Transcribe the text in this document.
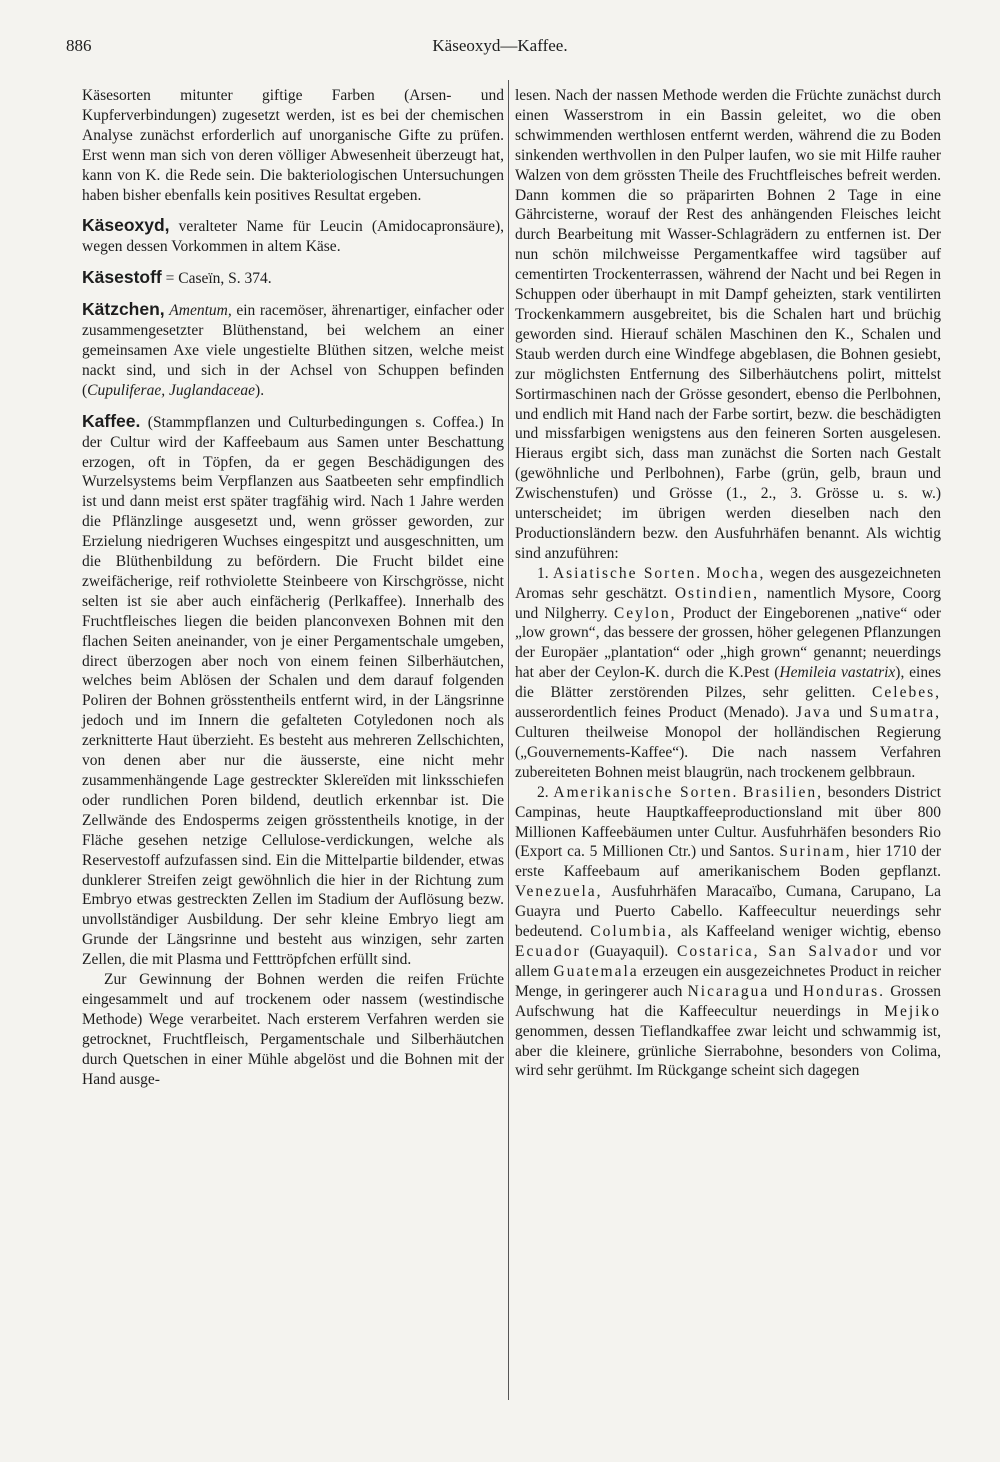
886	Käseoxyd—Kaffee.

Käsesorten mitunter giftige Farben (Arsen- und Kupferverbindungen) zugesetzt werden, ist es bei der chemischen Analyse zunächst erforderlich auf unorganische Gifte zu prüfen. Erst wenn man sich von deren völliger Abwesenheit überzeugt hat, kann von K. die Rede sein. Die bakteriologischen Untersuchungen haben bisher ebenfalls kein positives Resultat ergeben.

Käseoxyd, veralteter Name für Leucin (Amidocapronsäure), wegen dessen Vorkommen in altem Käse.

Käsestoff = Caseïn, S. 374.

Kätzchen, Amentum, ein racemöser, ährenartiger, einfacher oder zusammengesetzter Blüthenstand, bei welchem an einer gemeinsamen Axe viele ungestielte Blüthen sitzen, welche meist nackt sind, und sich in der Achsel von Schuppen befinden (Cupuliferae, Juglandaceae).

Kaffee. (Stammpflanzen und Culturbedingungen s. Coffea.) In der Cultur wird der Kaffeebaum aus Samen unter Beschattung erzogen, oft in Töpfen, da er gegen Beschädigungen des Wurzelsystems beim Verpflanzen aus Saatbeeten sehr empfindlich ist und dann meist erst später tragfähig wird. Nach 1 Jahre werden die Pflänzlinge ausgesetzt und, wenn grösser geworden, zur Erzielung niedrigeren Wuchses eingespitzt und ausgeschnitten, um die Blüthenbildung zu befördern. Die Frucht bildet eine zweifächerige, reif rothviolette Steinbeere von Kirschgrösse, nicht selten ist sie aber auch einfächerig (Perlkaffee). Innerhalb des Fruchtfleisches liegen die beiden planconvexen Bohnen mit den flachen Seiten aneinander, von je einer Pergamentschale umgeben, direct überzogen aber noch von einem feinen Silberhäutchen, welches beim Ablösen der Schalen und dem darauf folgenden Poliren der Bohnen grösstentheils entfernt wird, in der Längsrinne jedoch und im Innern die gefalteten Cotyledonen noch als zerknitterte Haut überzieht. Es besteht aus mehreren Zellschichten, von denen aber nur die äusserste, eine nicht mehr zusammenhängende Lage gestreckter Sklereïden mit linksschiefen oder rundlichen Poren bildend, deutlich erkennbar ist. Die Zellwände des Endosperms zeigen grösstentheils knotige, in der Fläche gesehen netzige Cellulose-verdickungen, welche als Reservestoff aufzufassen sind. Ein die Mittelpartie bildender, etwas dunklerer Streifen zeigt gewöhnlich die hier in der Richtung zum Embryo etwas gestreckten Zellen im Stadium der Auflösung bezw. unvollständiger Ausbildung. Der sehr kleine Embryo liegt am Grunde der Längsrinne und besteht aus winzigen, sehr zarten Zellen, die mit Plasma und Fetttröpfchen erfüllt sind.

Zur Gewinnung der Bohnen werden die reifen Früchte eingesammelt und auf trockenem oder nassem (westindische Methode) Wege verarbeitet. Nach ersterem Verfahren werden sie getrocknet, Fruchtfleisch, Pergamentschale und Silberhäutchen durch Quetschen in einer Mühle abgelöst und die Bohnen mit der Hand ausge-

lesen. Nach der nassen Methode werden die Früchte zunächst durch einen Wasserstrom in ein Bassin geleitet, wo die oben schwimmenden werthlosen entfernt werden, während die zu Boden sinkenden werthvollen in den Pulper laufen, wo sie mit Hilfe rauher Walzen von dem grössten Theile des Fruchtfleisches befreit werden. Dann kommen die so präparirten Bohnen 2 Tage in eine Gährcisterne, worauf der Rest des anhängenden Fleisches leicht durch Bearbeitung mit Wasser-Schlagrädern zu entfernen ist. Der nun schön milchweisse Pergamentkaffee wird tagsüber auf cementirten Trockenterrassen, während der Nacht und bei Regen in Schuppen oder überhaupt in mit Dampf geheizten, stark ventilirten Trockenkammern ausgebreitet, bis die Schalen hart und brüchig geworden sind. Hierauf schälen Maschinen den K., Schalen und Staub werden durch eine Windfege abgeblasen, die Bohnen gesiebt, zur möglichsten Entfernung des Silberhäutchens polirt, mittelst Sortirmaschinen nach der Grösse gesondert, ebenso die Perlbohnen, und endlich mit Hand nach der Farbe sortirt, bezw. die beschädigten und missfarbigen wenigstens aus den feineren Sorten ausgelesen. Hieraus ergibt sich, dass man zunächst die Sorten nach Gestalt (gewöhnliche und Perlbohnen), Farbe (grün, gelb, braun und Zwischenstufen) und Grösse (1., 2., 3. Grösse u. s. w.) unterscheidet; im übrigen werden dieselben nach den Productionsländern bezw. den Ausfuhrhäfen benannt. Als wichtig sind anzuführen:

1. Asiatische Sorten. Mocha, wegen des ausgezeichneten Aromas sehr geschätzt. Ostindien, namentlich Mysore, Coorg und Nilgherry. Ceylon, Product der Eingeborenen „native“ oder „low grown“, das bessere der grossen, höher gelegenen Pflanzungen der Europäer „plantation“ oder „high grown“ genannt; neuerdings hat aber der Ceylon-K. durch die K.Pest (Hemileia vastatrix), eines die Blätter zerstörenden Pilzes, sehr gelitten. Celebes, ausserordentlich feines Product (Menado). Java und Sumatra, Culturen theilweise Monopol der holländischen Regierung („Gouvernements-Kaffee“). Die nach nassem Verfahren zubereiteten Bohnen meist blaugrün, nach trockenem gelbbraun.

2. Amerikanische Sorten. Brasilien, besonders District Campinas, heute Hauptkaffeeproductionsland mit über 800 Millionen Kaffeebäumen unter Cultur. Ausfuhrhäfen besonders Rio (Export ca. 5 Millionen Ctr.) und Santos. Surinam, hier 1710 der erste Kaffeebaum auf amerikanischem Boden gepflanzt. Venezuela, Ausfuhrhäfen Maracaïbo, Cumana, Carupano, La Guayra und Puerto Cabello. Kaffeecultur neuerdings sehr bedeutend. Columbia, als Kaffeeland weniger wichtig, ebenso Ecuador (Guayaquil). Costarica, San Salvador und vor allem Guatemala erzeugen ein ausgezeichnetes Product in reicher Menge, in geringerer auch Nicaragua und Honduras. Grossen Aufschwung hat die Kaffeecultur neuerdings in Mejiko genommen, dessen Tieflandkaffee zwar leicht und schwammig ist, aber die kleinere, grünliche Sierrabohne, besonders von Colima, wird sehr gerühmt. Im Rückgange scheint sich dagegen
